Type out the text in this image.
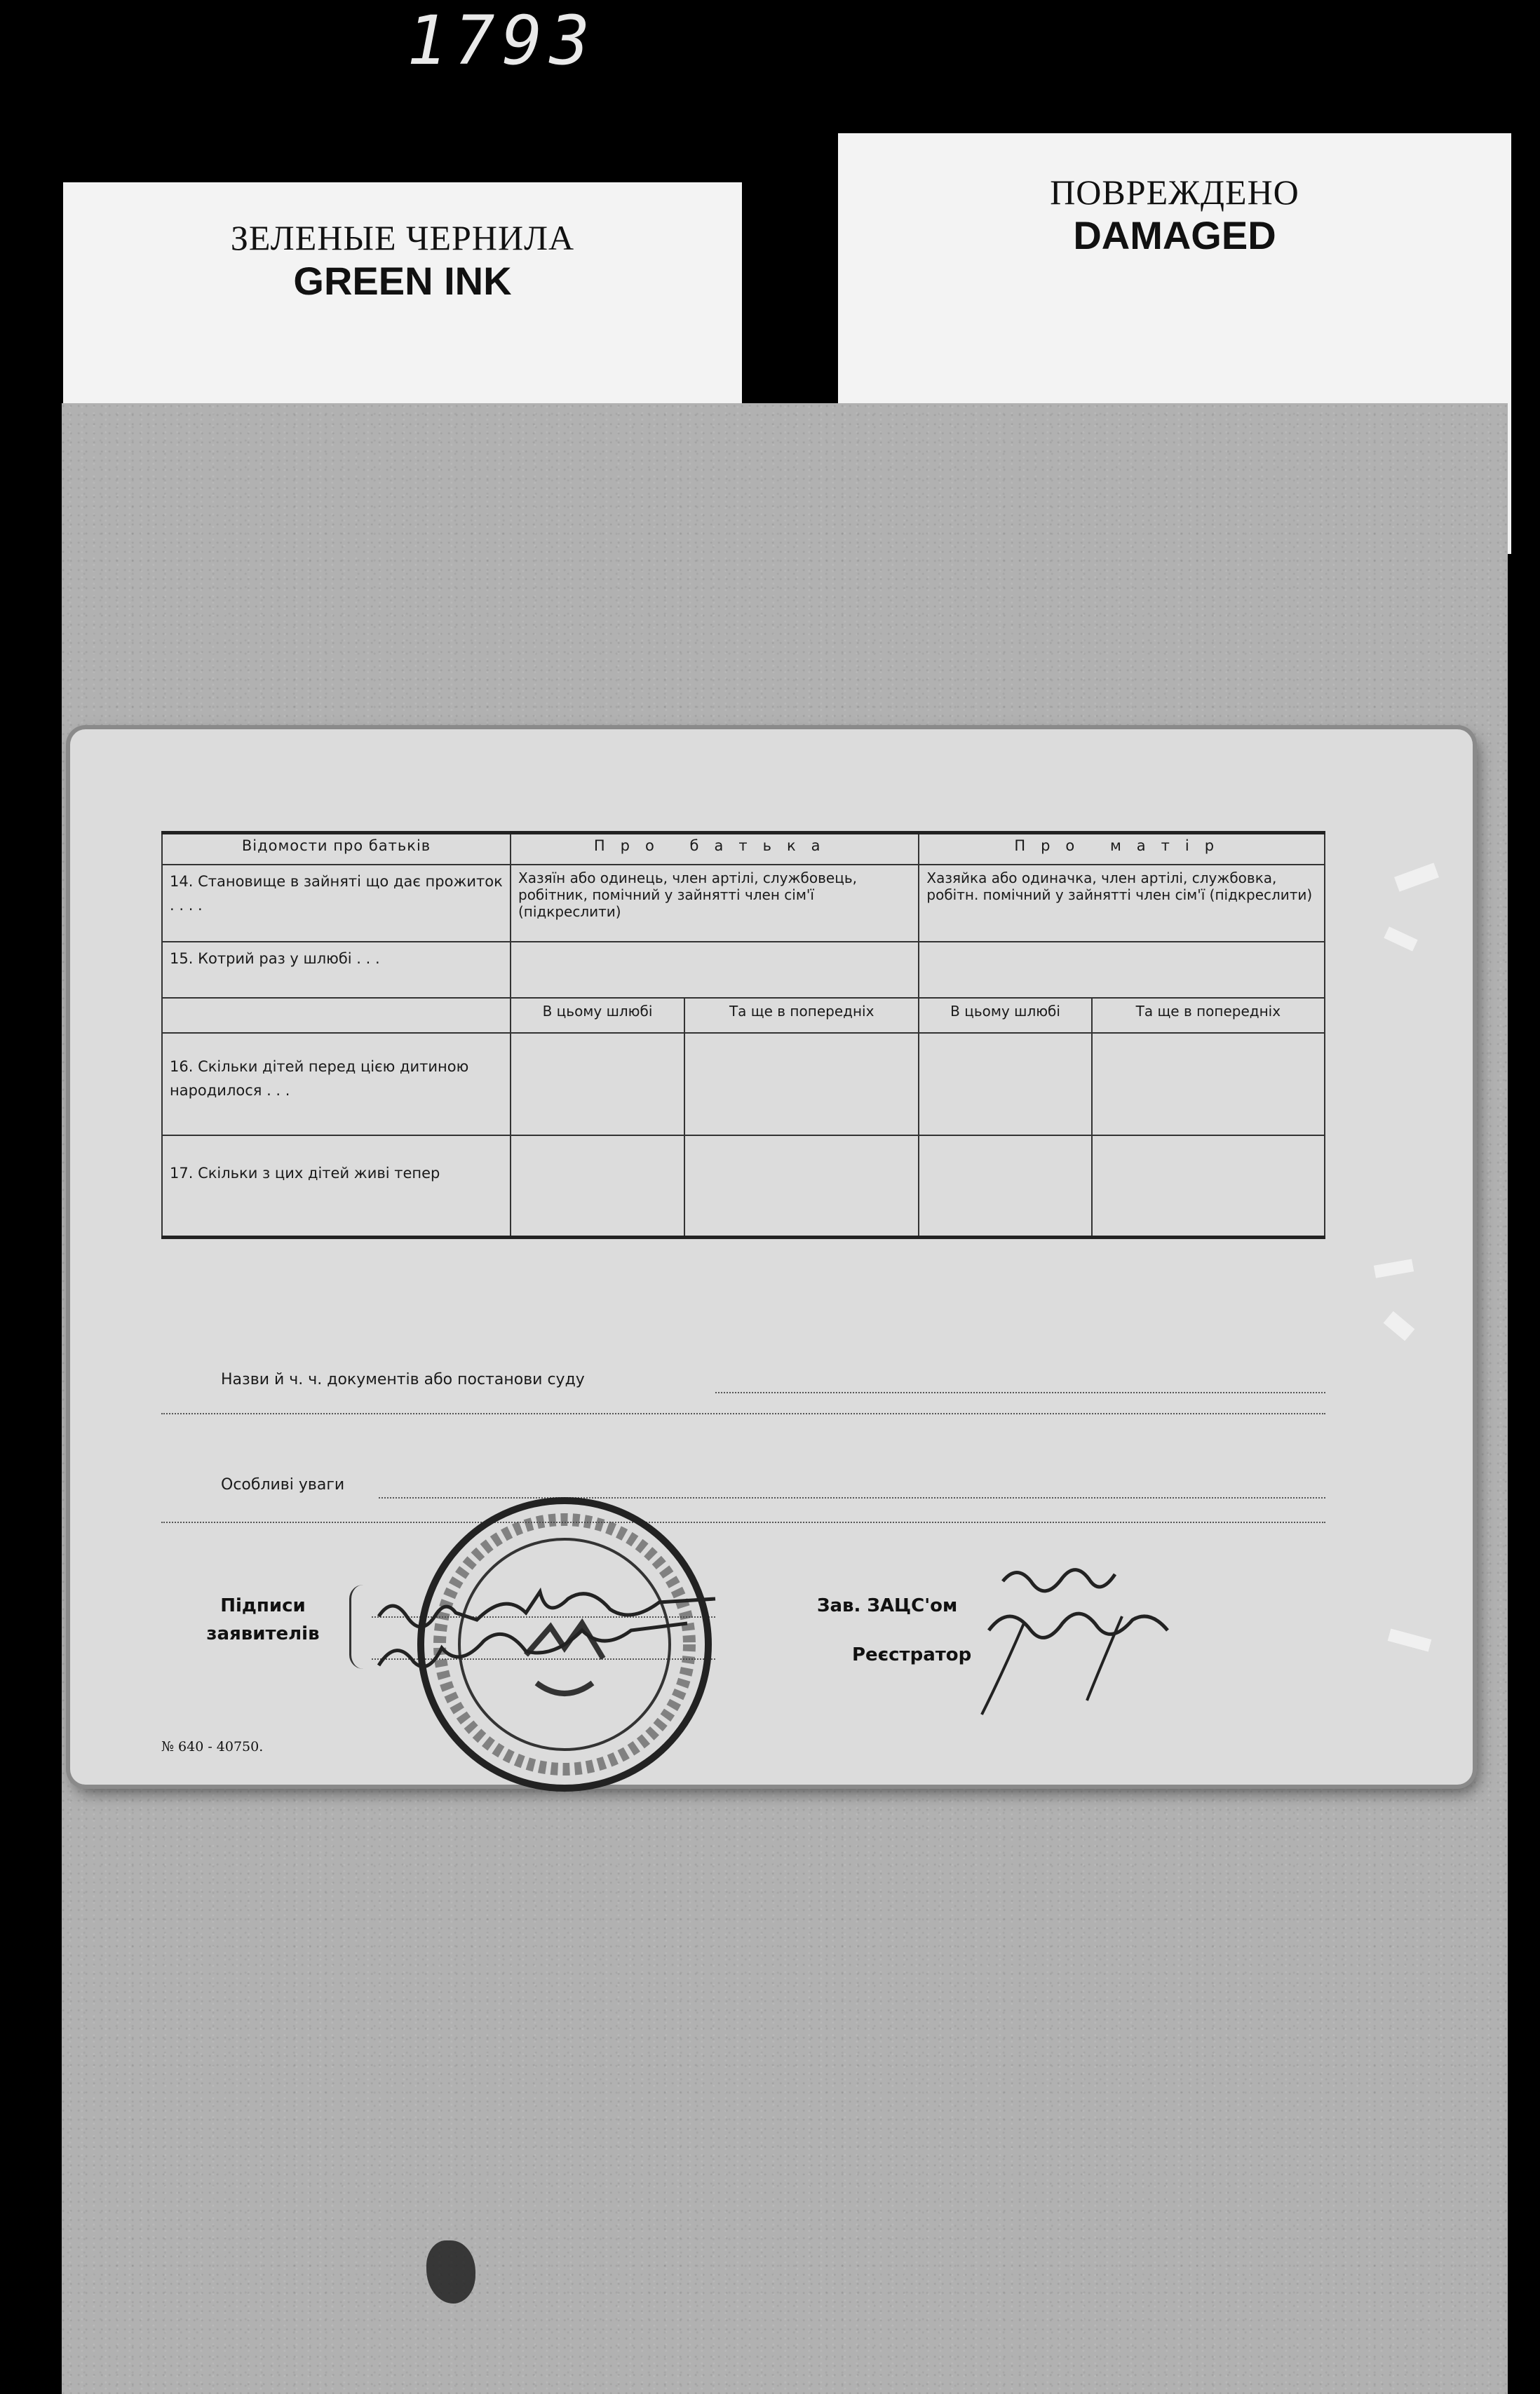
1793
ЗЕЛЕНЫЕ ЧЕРНИЛА
GREEN INK
ПОВРЕЖДЕНО
DAMAGED
Відомости про батьків	Про батька		Про матір	
14. Становище в зайняті що дає прожиток . . . .	Хазяїн або одинець, член артілі, службовець, робітник, помічний у зайнятті член сім'ї (підкреслити)		Хазяйка або одиначка, член артілі, службовка, робітн. помічний у зайнятті член сім'ї (підкреслити)	
15. Котрий раз у шлюбі . . .				
	В цьому шлюбі	Та ще в попередніх	В цьому шлюбі	Та ще в попередніх
16. Скільки дітей перед цією дитиною народилося . . .				
17. Скільки з цих дітей живі тепер				
Назви й ч. ч. документів або постанови суду
Особливі уваги
Підписи заявителів
Зав. ЗАЦС'ом
Реєстратор
№ 640 - 40750.
